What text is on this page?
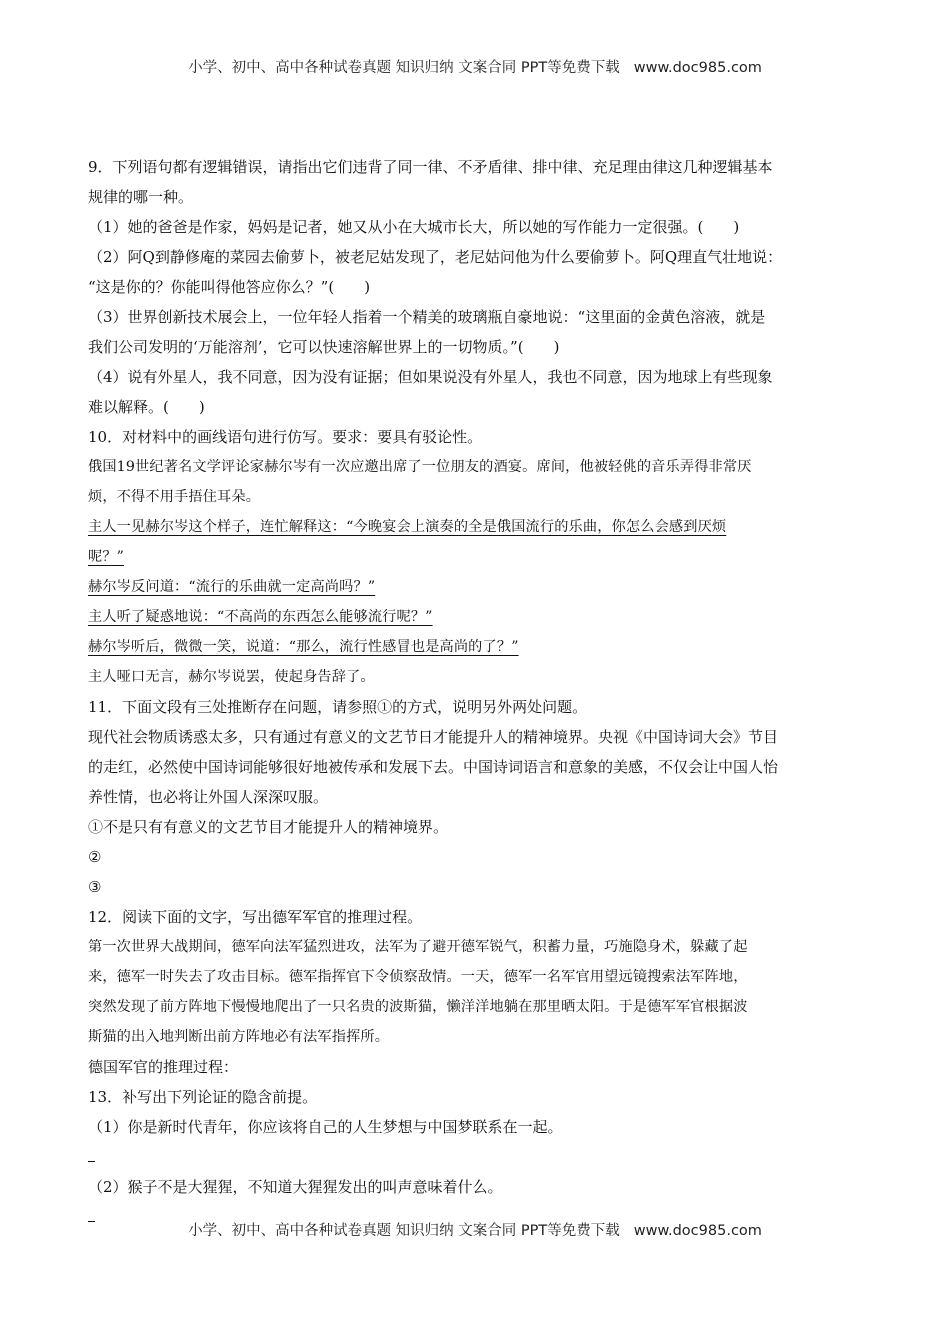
小学、初中、高中各种试卷真题 知识归纳 文案合同 PPT等免费下载 www.doc985.com

9．下列语句都有逻辑错误，请指出它们违背了同一律、不矛盾律、排中律、充足理由律这几种逻辑基本

规律的哪一种。

（1）她的爸爸是作家，妈妈是记者，她又从小在大城市长大，所以她的写作能力一定很强。( )

（2）阿Q到静修庵的菜园去偷萝卜，被老尼姑发现了，老尼姑问他为什么要偷萝卜。阿Q理直气壮地说：

“这是你的？你能叫得他答应你么？”( )

（3）世界创新技术展会上，一位年轻人指着一个精美的玻璃瓶自豪地说：“这里面的金黄色溶液，就是

我们公司发明的‘万能溶剂’，它可以快速溶解世界上的一切物质。”( )

（4）说有外星人，我不同意，因为没有证据；但如果说没有外星人，我也不同意，因为地球上有些现象

难以解释。( )

10．对材料中的画线语句进行仿写。要求：要具有驳论性。

俄国19世纪著名文学评论家赫尔岑有一次应邀出席了一位朋友的酒宴。席间，他被轻佻的音乐弄得非常厌

烦，不得不用手捂住耳朵。

主人一见赫尔岑这个样子，连忙解释这：“今晚宴会上演奏的全是俄国流行的乐曲，你怎么会感到厌烦

呢？”

赫尔岑反问道：“流行的乐曲就一定高尚吗？”

主人听了疑惑地说：“不高尚的东西怎么能够流行呢？”

赫尔岑听后，微微一笑，说道：“那么，流行性感冒也是高尚的了？”

主人哑口无言，赫尔岑说罢，使起身告辞了。

11．下面文段有三处推断存在问题，请参照①的方式，说明另外两处问题。

现代社会物质诱惑太多，只有通过有意义的文艺节日才能提升人的精神境界。央视《中国诗词大会》节目

的走红，必然使中国诗词能够很好地被传承和发展下去。中国诗词语言和意象的美感，不仅会让中国人怡

养性情，也必将让外国人深深叹服。

①不是只有有意义的文艺节目才能提升人的精神境界。

②

③

12．阅读下面的文字，写出德军军官的推理过程。

第一次世界大战期间，德军向法军猛烈进攻，法军为了避开德军锐气，积蓄力量，巧施隐身术，躲藏了起

来，德军一时失去了攻击目标。德军指挥官下令侦察敌情。一天，德军一名军官用望远镜搜索法军阵地，

突然发现了前方阵地下慢慢地爬出了一只名贵的波斯猫，懒洋洋地躺在那里晒太阳。于是德军军官根据波

斯猫的出入地判断出前方阵地必有法军指挥所。

德国军官的推理过程：

13．补写出下列论证的隐含前提。

（1）你是新时代青年，你应该将自己的人生梦想与中国梦联系在一起。

（2）猴子不是大猩猩，不知道大猩猩发出的叫声意味着什么。

小学、初中、高中各种试卷真题 知识归纳 文案合同 PPT等免费下载 www.doc985.com
